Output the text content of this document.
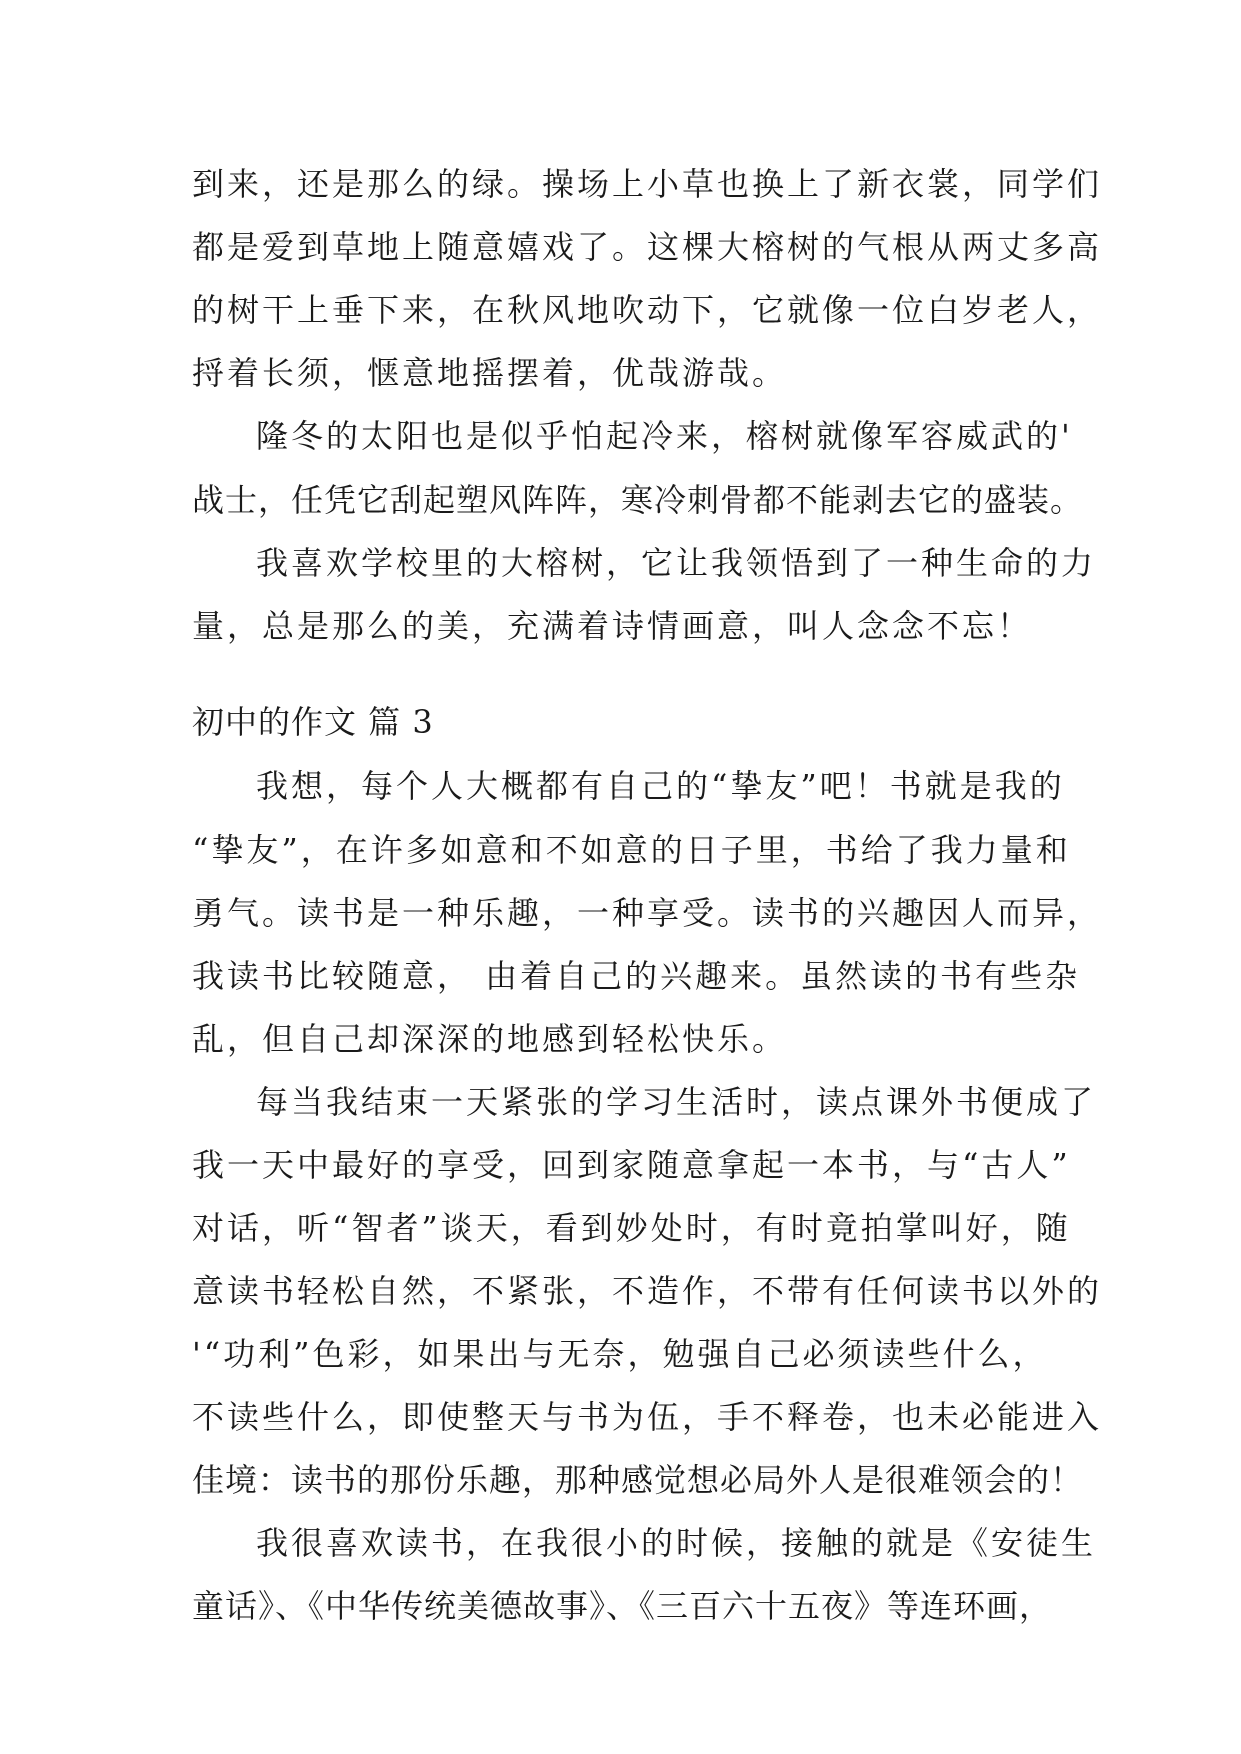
到来，还是那么的绿。操场上小草也换上了新衣裳，同学们
都是爱到草地上随意嬉戏了。这棵大榕树的气根从两丈多高
的树干上垂下来，在秋风地吹动下，它就像一位白岁老人，
捋着长须，惬意地摇摆着，优哉游哉。
隆冬的太阳也是似乎怕起冷来，榕树就像军容威武的'
战士，任凭它刮起塑风阵阵，寒冷刺骨都不能剥去它的盛装。
我喜欢学校里的大榕树，它让我领悟到了一种生命的力
量，总是那么的美，充满着诗情画意，叫人念念不忘！
初中的作文 篇 3
我想，每个人大概都有自己的“挚友”吧！书就是我的
“挚友”，在许多如意和不如意的日子里，书给了我力量和
勇气。读书是一种乐趣，一种享受。读书的兴趣因人而异，
我读书比较随意， 由着自己的兴趣来。虽然读的书有些杂
乱，但自己却深深的地感到轻松快乐。
每当我结束一天紧张的学习生活时，读点课外书便成了
我一天中最好的享受，回到家随意拿起一本书，与“古人”
对话，听“智者”谈天，看到妙处时，有时竟拍掌叫好，随
意读书轻松自然，不紧张，不造作，不带有任何读书以外的
'“功利”色彩，如果出与无奈，勉强自己必须读些什么，
不读些什么，即使整天与书为伍，手不释卷，也未必能进入
佳境：读书的那份乐趣，那种感觉想必局外人是很难领会的！
我很喜欢读书，在我很小的时候，接触的就是《安徒生
童话》、《中华传统美德故事》、《三百六十五夜》等连环画，
